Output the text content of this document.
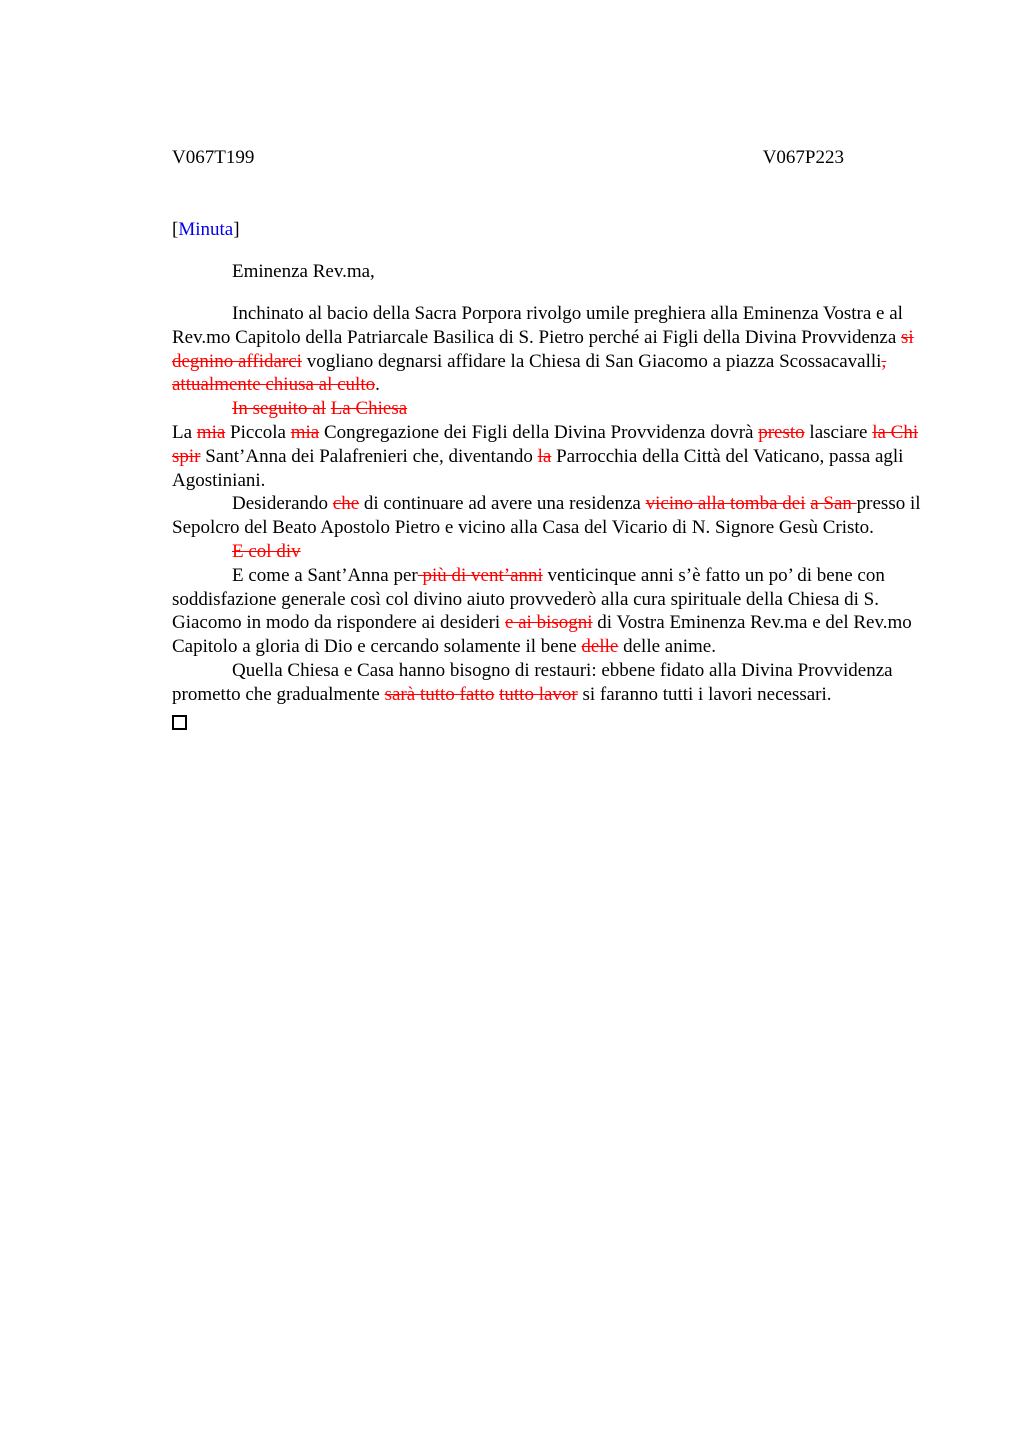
V067T199	V067P223
[Minuta]
Eminenza Rev.ma,

Inchinato al bacio della Sacra Porpora rivolgo umile preghiera alla Eminenza Vostra e al Rev.mo Capitolo della Patriarcale Basilica di S. Pietro perché ai Figli della Divina Provvidenza si degnino affidarci vogliano degnarsi affidare la Chiesa di San Giacomo a piazza Scossacavalli, attualmente chiusa al culto.

In seguito al La Chiesa

La mia Piccola mia Congregazione dei Figli della Divina Provvidenza dovrà presto lasciare la Chi spir Sant’Anna dei Palafrenieri che, diventando la Parrocchia della Città del Vaticano, passa agli Agostiniani.

Desiderando che di continuare ad avere una residenza vicino alla tomba dei a San presso il Sepolcro del Beato Apostolo Pietro e vicino alla Casa del Vicario di N. Signore Gesù Cristo.

E col div

E come a Sant’Anna per più di vent’anni venticinque anni s’è fatto un po’ di bene con soddisfazione generale così col divino aiuto provvederò alla cura spirituale della Chiesa di S. Giacomo in modo da rispondere ai desideri e ai bisogni di Vostra Eminenza Rev.ma e del Rev.mo Capitolo a gloria di Dio e cercando solamente il bene delle delle anime.

Quella Chiesa e Casa hanno bisogno di restauri: ebbene fidato alla Divina Provvidenza prometto che gradualmente sarà tutto fatto tutto lavor si faranno tutti i lavori necessari.
